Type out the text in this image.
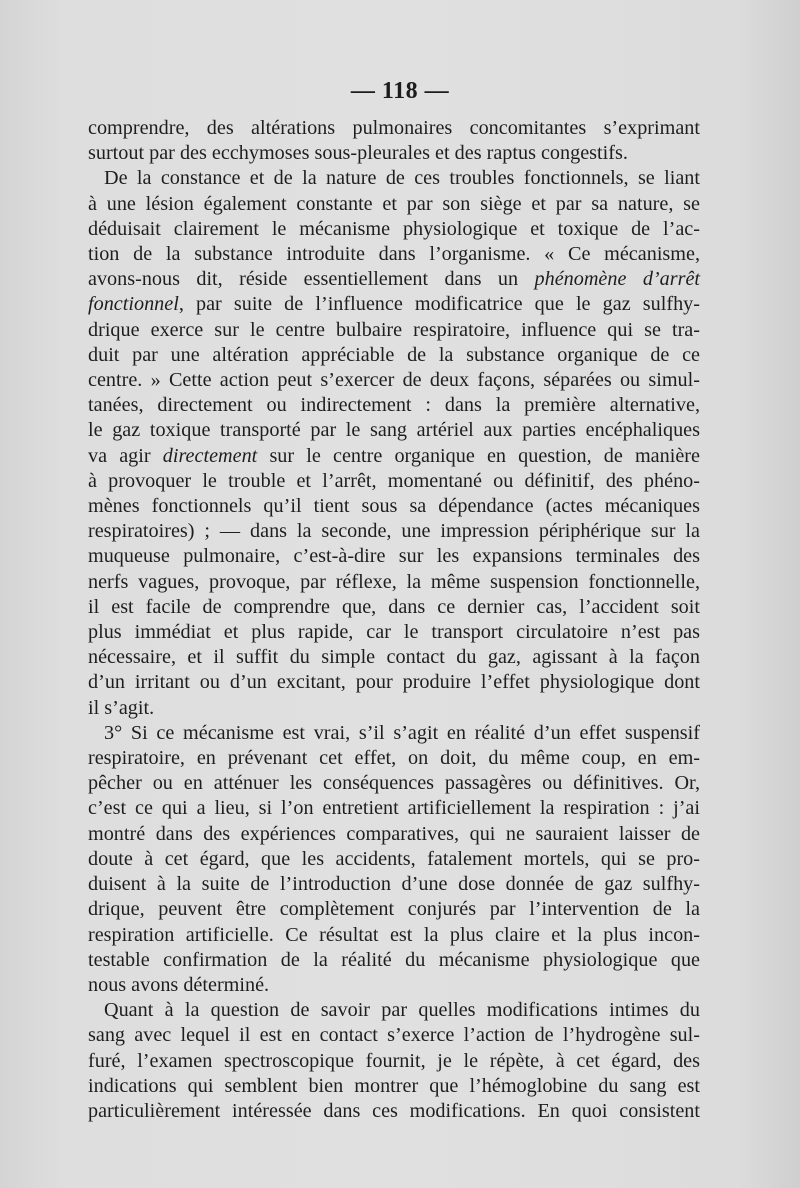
— 118 —

comprendre, des altérations pulmonaires concomitantes s’exprimant
surtout par des ecchymoses sous-pleurales et des raptus congestifs.

De la constance et de la nature de ces troubles fonctionnels, se liant
à une lésion également constante et par son siège et par sa nature, se
déduisait clairement le mécanisme physiologique et toxique de l’ac-
tion de la substance introduite dans l’organisme. « Ce mécanisme,
avons-nous dit, réside essentiellement dans un phénomène d’arrêt
fonctionnel, par suite de l’influence modificatrice que le gaz sulfhy-
drique exerce sur le centre bulbaire respiratoire, influence qui se tra-
duit par une altération appréciable de la substance organique de ce
centre. » Cette action peut s’exercer de deux façons, séparées ou simul-
tanées, directement ou indirectement : dans la première alternative,
le gaz toxique transporté par le sang artériel aux parties encéphaliques
va agir directement sur le centre organique en question, de manière
à provoquer le trouble et l’arrêt, momentané ou définitif, des phéno-
mènes fonctionnels qu’il tient sous sa dépendance (actes mécaniques
respiratoires) ; — dans la seconde, une impression périphérique sur la
muqueuse pulmonaire, c’est-à-dire sur les expansions terminales des
nerfs vagues, provoque, par réflexe, la même suspension fonctionnelle,
il est facile de comprendre que, dans ce dernier cas, l’accident soit
plus immédiat et plus rapide, car le transport circulatoire n’est pas
nécessaire, et il suffit du simple contact du gaz, agissant à la façon
d’un irritant ou d’un excitant, pour produire l’effet physiologique dont
il s’agit.

3° Si ce mécanisme est vrai, s’il s’agit en réalité d’un effet suspensif
respiratoire, en prévenant cet effet, on doit, du même coup, en em-
pêcher ou en atténuer les conséquences passagères ou définitives. Or,
c’est ce qui a lieu, si l’on entretient artificiellement la respiration : j’ai
montré dans des expériences comparatives, qui ne sauraient laisser de
doute à cet égard, que les accidents, fatalement mortels, qui se pro-
duisent à la suite de l’introduction d’une dose donnée de gaz sulfhy-
drique, peuvent être complètement conjurés par l’intervention de la
respiration artificielle. Ce résultat est la plus claire et la plus incon-
testable confirmation de la réalité du mécanisme physiologique que
nous avons déterminé.

Quant à la question de savoir par quelles modifications intimes du
sang avec lequel il est en contact s’exerce l’action de l’hydrogène sul-
furé, l’examen spectroscopique fournit, je le répète, à cet égard, des
indications qui semblent bien montrer que l’hémoglobine du sang est
particulièrement intéressée dans ces modifications. En quoi consistent
